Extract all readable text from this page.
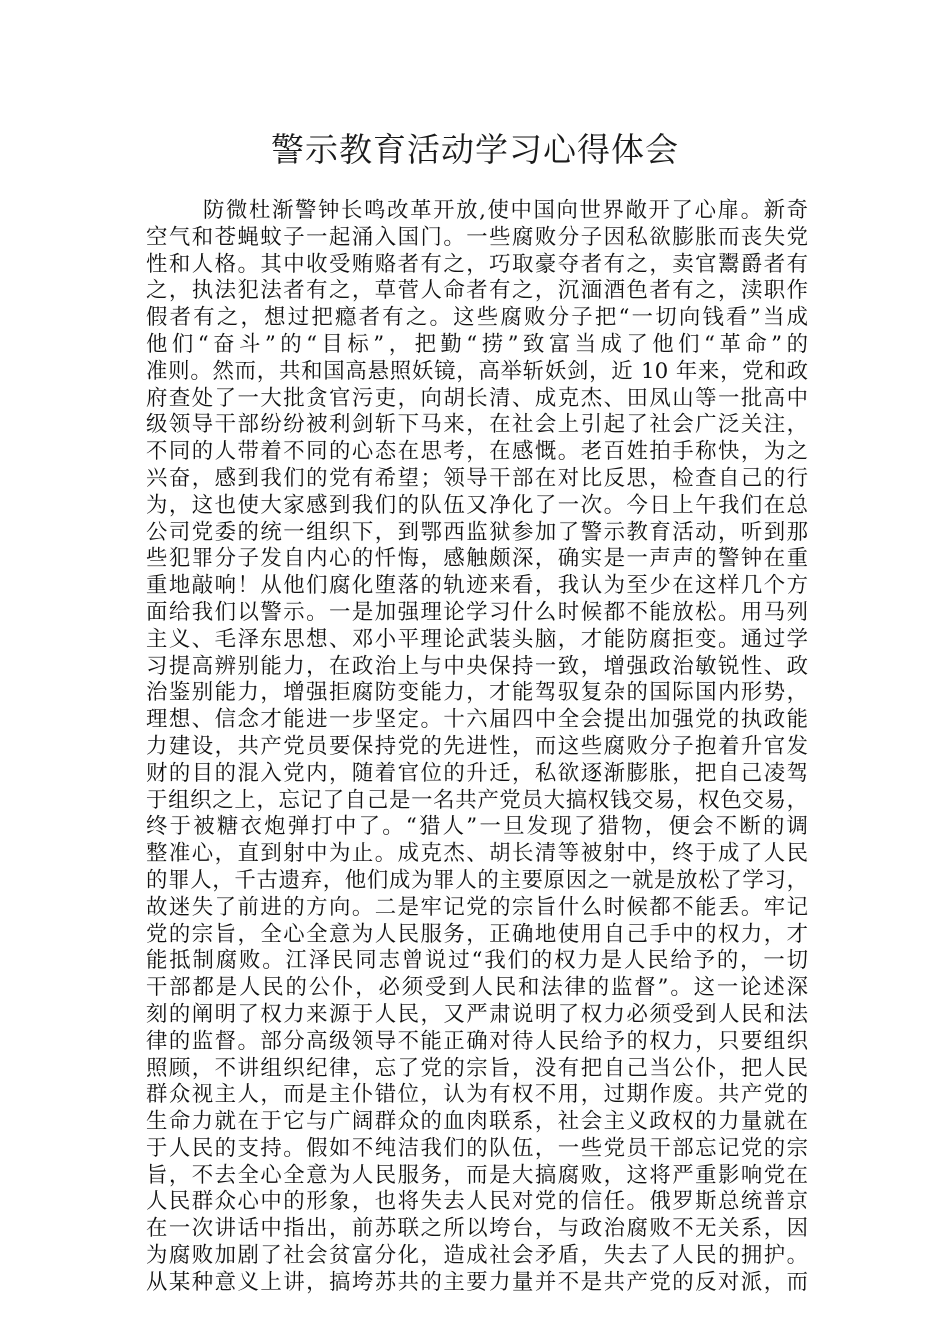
警示教育活动学习心得体会
防微杜渐警钟长鸣改革开放,使中国向世界敞开了心扉。新奇
空气和苍蝇蚊子一起涌入国门。一些腐败分子因私欲膨胀而丧失党
性和人格。其中收受贿赂者有之，巧取豪夺者有之，卖官鬻爵者有
之，执法犯法者有之，草菅人命者有之，沉湎酒色者有之，渎职作
假者有之，想过把瘾者有之。这些腐败分子把“一切向钱看”当成
他们“奋斗”的“目标”，把勤“捞”致富当成了他们“革命”的
准则。然而，共和国高悬照妖镜，高举斩妖剑，近 10 年来，党和政
府查处了一大批贪官污吏，向胡长清、成克杰、田凤山等一批高中
级领导干部纷纷被利剑斩下马来，在社会上引起了社会广泛关注，
不同的人带着不同的心态在思考，在感慨。老百姓拍手称快，为之
兴奋，感到我们的党有希望；领导干部在对比反思，检查自己的行
为，这也使大家感到我们的队伍又净化了一次。今日上午我们在总
公司党委的统一组织下，到鄂西监狱参加了警示教育活动，听到那
些犯罪分子发自内心的忏悔，感触颇深，确实是一声声的警钟在重
重地敲响！从他们腐化堕落的轨迹来看，我认为至少在这样几个方
面给我们以警示。一是加强理论学习什么时候都不能放松。用马列
主义、毛泽东思想、邓小平理论武装头脑，才能防腐拒变。通过学
习提高辨别能力，在政治上与中央保持一致，增强政治敏锐性、政
治鉴别能力，增强拒腐防变能力，才能驾驭复杂的国际国内形势，
理想、信念才能进一步坚定。十六届四中全会提出加强党的执政能
力建设，共产党员要保持党的先进性，而这些腐败分子抱着升官发
财的目的混入党内，随着官位的升迁，私欲逐渐膨胀，把自己凌驾
于组织之上，忘记了自己是一名共产党员大搞权钱交易，权色交易，
终于被糖衣炮弹打中了。“猎人”一旦发现了猎物，便会不断的调
整准心，直到射中为止。成克杰、胡长清等被射中，终于成了人民
的罪人，千古遗弃，他们成为罪人的主要原因之一就是放松了学习，
故迷失了前进的方向。二是牢记党的宗旨什么时候都不能丢。牢记
党的宗旨，全心全意为人民服务，正确地使用自己手中的权力，才
能抵制腐败。江泽民同志曾说过“我们的权力是人民给予的，一切
干部都是人民的公仆，必须受到人民和法律的监督”。这一论述深
刻的阐明了权力来源于人民，又严肃说明了权力必须受到人民和法
律的监督。部分高级领导不能正确对待人民给予的权力，只要组织
照顾，不讲组织纪律，忘了党的宗旨，没有把自己当公仆，把人民
群众视主人，而是主仆错位，认为有权不用，过期作废。共产党的
生命力就在于它与广阔群众的血肉联系，社会主义政权的力量就在
于人民的支持。假如不纯洁我们的队伍，一些党员干部忘记党的宗
旨，不去全心全意为人民服务，而是大搞腐败，这将严重影响党在
人民群众心中的形象，也将失去人民对党的信任。俄罗斯总统普京
在一次讲话中指出，前苏联之所以垮台，与政治腐败不无关系，因
为腐败加剧了社会贫富分化，造成社会矛盾，失去了人民的拥护。
从某种意义上讲，搞垮苏共的主要力量并不是共产党的反对派，而
